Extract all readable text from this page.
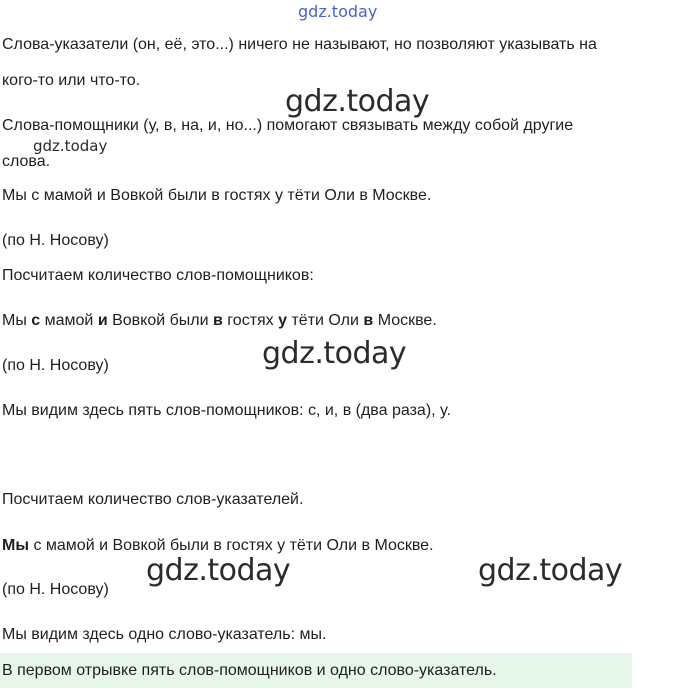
gdz.today

Слова-указатели (он, её, это...) ничего не называют, но позволяют указывать на

кого-то или что-то.

gdz.today

Слова-помощники (у, в, на, и, но...) помогают связывать между собой другие

gdz.today

слова.

Мы с мамой и Вовкой были в гостях у тёти Оли в Москве.

(по Н. Носову)

Посчитаем количество слов-помощников:

Мы с мамой и Вовкой были в гостях у тёти Оли в Москве.

gdz.today

(по Н. Носову)

Мы видим здесь пять слов-помощников: с, и, в (два раза), у.

Посчитаем количество слов-указателей.

Мы с мамой и Вовкой были в гостях у тёти Оли в Москве.

gdz.today	gdz.today

(по Н. Носову)

Мы видим здесь одно слово-указатель: мы.

В первом отрывке пять слов-помощников и одно слово-указатель.
